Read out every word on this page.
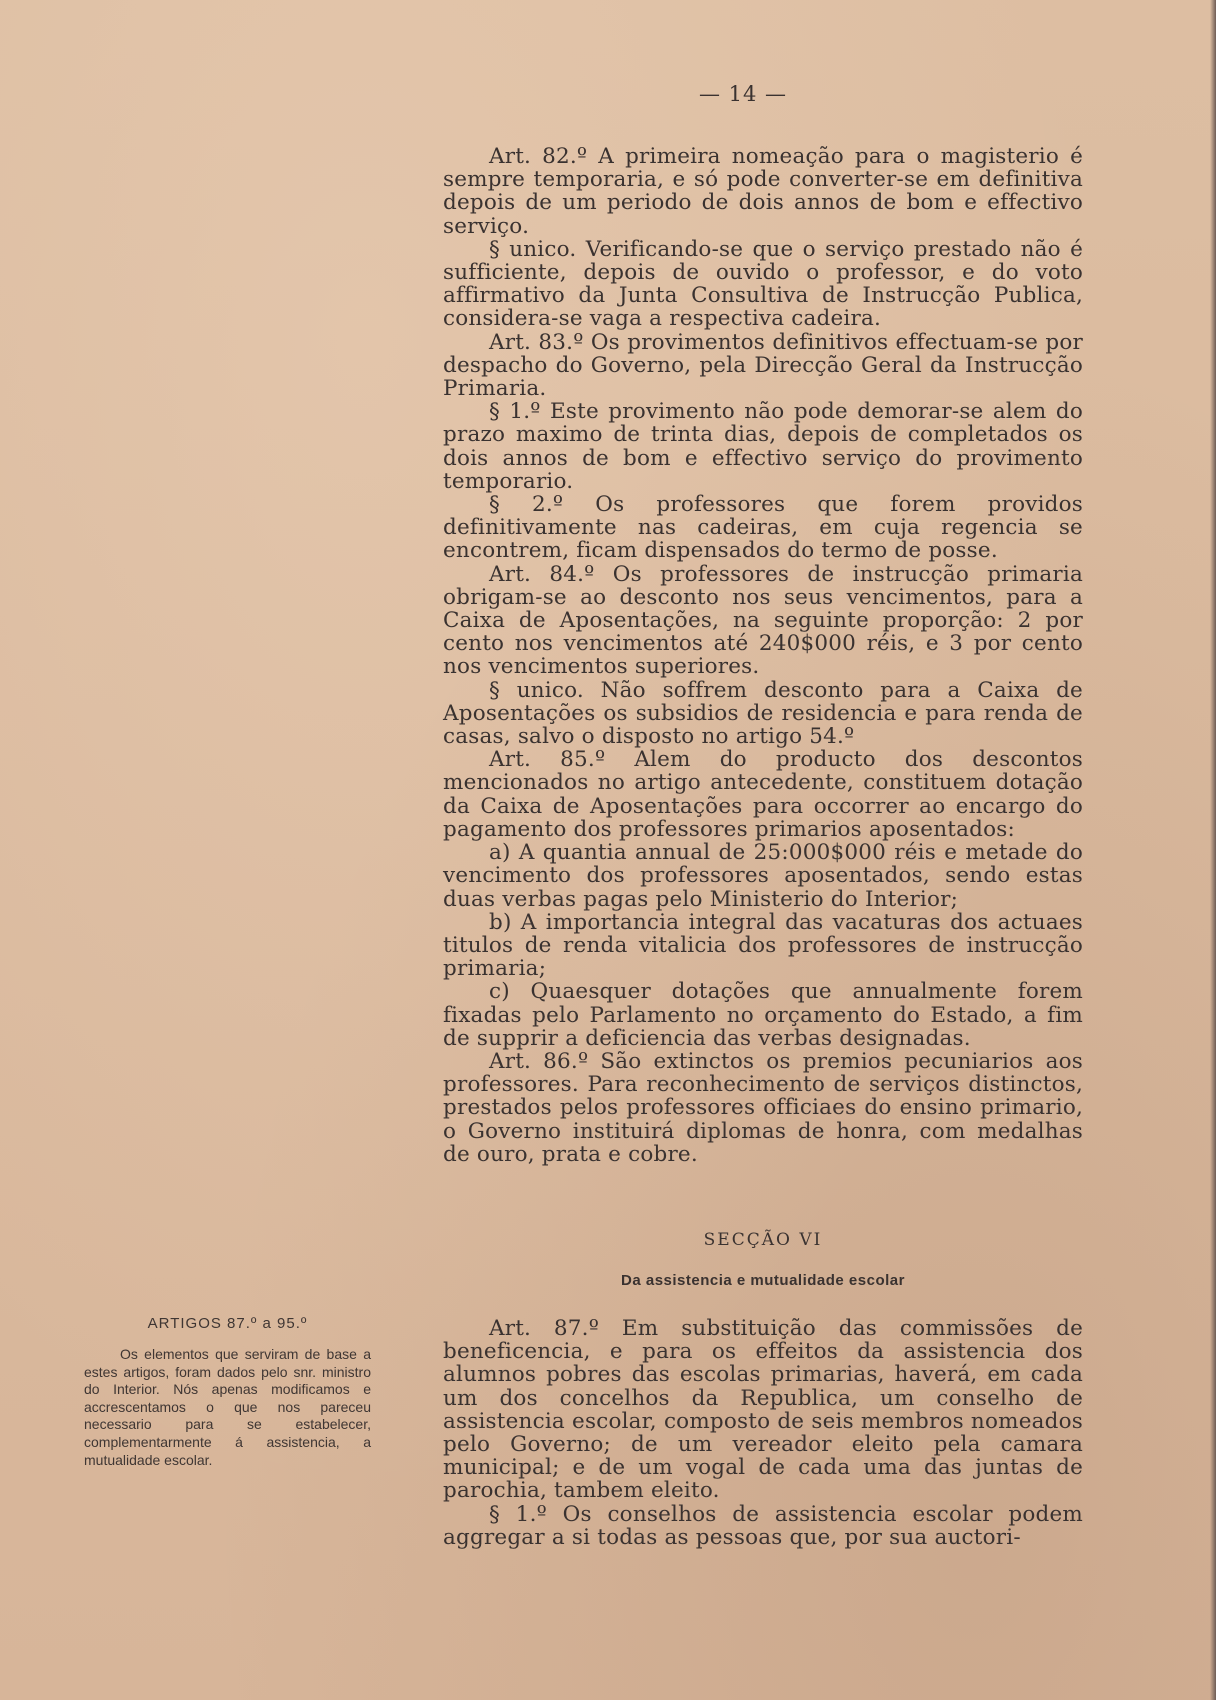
— 14 —

Art. 82.º A primeira nomeação para o magisterio é sempre temporaria, e só pode converter-se em definitiva depois de um periodo de dois annos de bom e effectivo serviço.

§ unico. Verificando-se que o serviço prestado não é sufficiente, depois de ouvido o professor, e do voto affirmativo da Junta Consultiva de Instrucção Publica, considera-se vaga a respectiva cadeira.

Art. 83.º Os provimentos definitivos effectuam-se por despacho do Governo, pela Direcção Geral da Instrucção Primaria.

§ 1.º Este provimento não pode demorar-se alem do prazo maximo de trinta dias, depois de completados os dois annos de bom e effectivo serviço do provimento temporario.

§ 2.º Os professores que forem providos definitivamente nas cadeiras, em cuja regencia se encontrem, ficam dispensados do termo de posse.

Art. 84.º Os professores de instrucção primaria obrigam-se ao desconto nos seus vencimentos, para a Caixa de Aposentações, na seguinte proporção: 2 por cento nos vencimentos até 240$000 réis, e 3 por cento nos vencimentos superiores.

§ unico. Não soffrem desconto para a Caixa de Aposentações os subsidios de residencia e para renda de casas, salvo o disposto no artigo 54.º

Art. 85.º Alem do producto dos descontos mencionados no artigo antecedente, constituem dotação da Caixa de Aposentações para occorrer ao encargo do pagamento dos professores primarios aposentados:

a) A quantia annual de 25:000$000 réis e metade do vencimento dos professores aposentados, sendo estas duas verbas pagas pelo Ministerio do Interior;

b) A importancia integral das vacaturas dos actuaes titulos de renda vitalicia dos professores de instrucção primaria;

c) Quaesquer dotações que annualmente forem fixadas pelo Parlamento no orçamento do Estado, a fim de supprir a deficiencia das verbas designadas.

Art. 86.º São extinctos os premios pecuniarios aos professores. Para reconhecimento de serviços distinctos, prestados pelos professores officiaes do ensino primario, o Governo instituirá diplomas de honra, com medalhas de ouro, prata e cobre.

SECÇÃO VI
Da assistencia e mutualidade escolar

Art. 87.º Em substituição das commissões de beneficencia, e para os effeitos da assistencia dos alumnos pobres das escolas primarias, haverá, em cada um dos concelhos da Republica, um conselho de assistencia escolar, composto de seis membros nomeados pelo Governo; de um vereador eleito pela camara municipal; e de um vogal de cada uma das juntas de parochia, tambem eleito.

§ 1.º Os conselhos de assistencia escolar podem aggregar a si todas as pessoas que, por sua auctori-

ARTIGOS 87.º a 95.º

Os elementos que serviram de base a estes artigos, foram dados pelo snr. ministro do Interior. Nós apenas modificamos e accrescentamos o que nos pareceu necessario para se estabelecer, complementarmente á assistencia, a mutualidade escolar.
